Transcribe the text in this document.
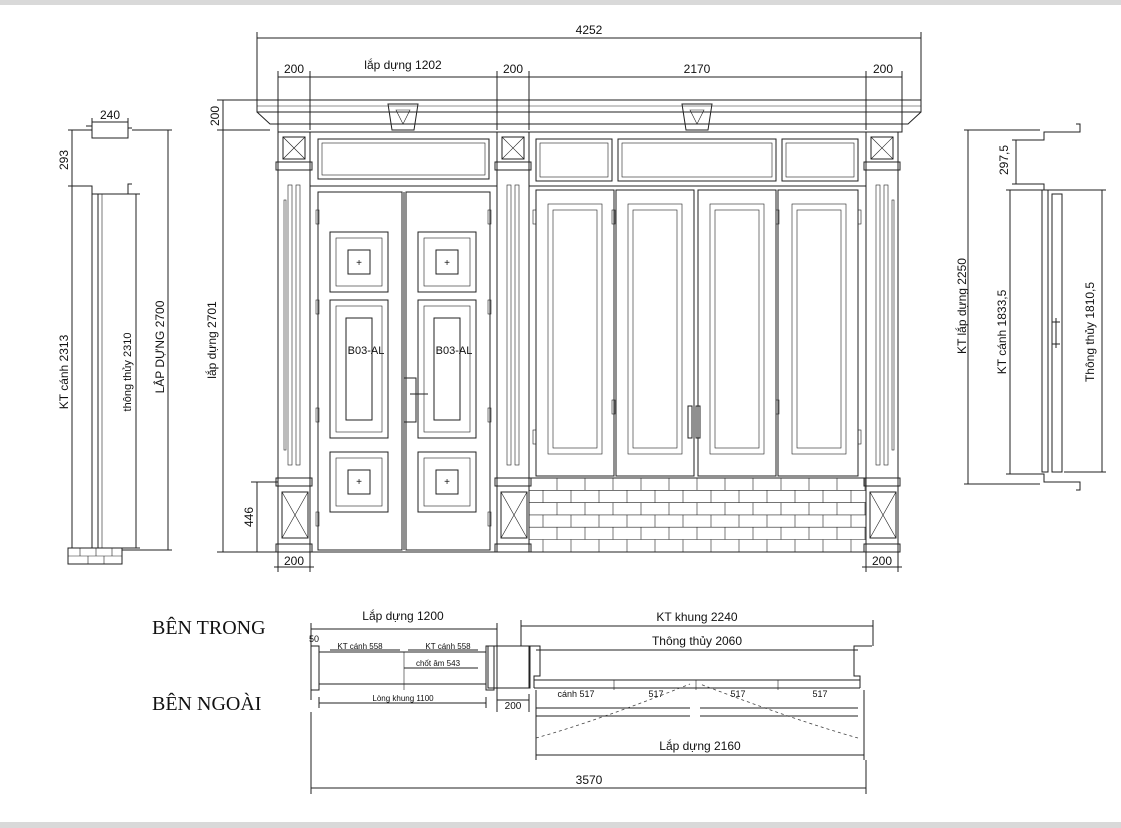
4252
200	lắp dựng 1202	200	2170	200
200
lắp dựng 2701
446
200	200
+
+
+
+
B03-AL	B03-AL
240
293
KT cánh 2313	thông thủy 2310 LẮP DỰNG 2700
297,5
KT lắp dựng 2250 KT cánh 1833,5	Thông thủy 1810,5
BÊN TRONG
BÊN NGOÀI
Lắp dựng 1200
50
KT cánh 558	KT cánh 558
chốt âm 543
Lòng khung 1100
200
KT khung 2240
Thông thủy 2060
cánh 517	517	517	517
Lắp dựng 2160
3570
